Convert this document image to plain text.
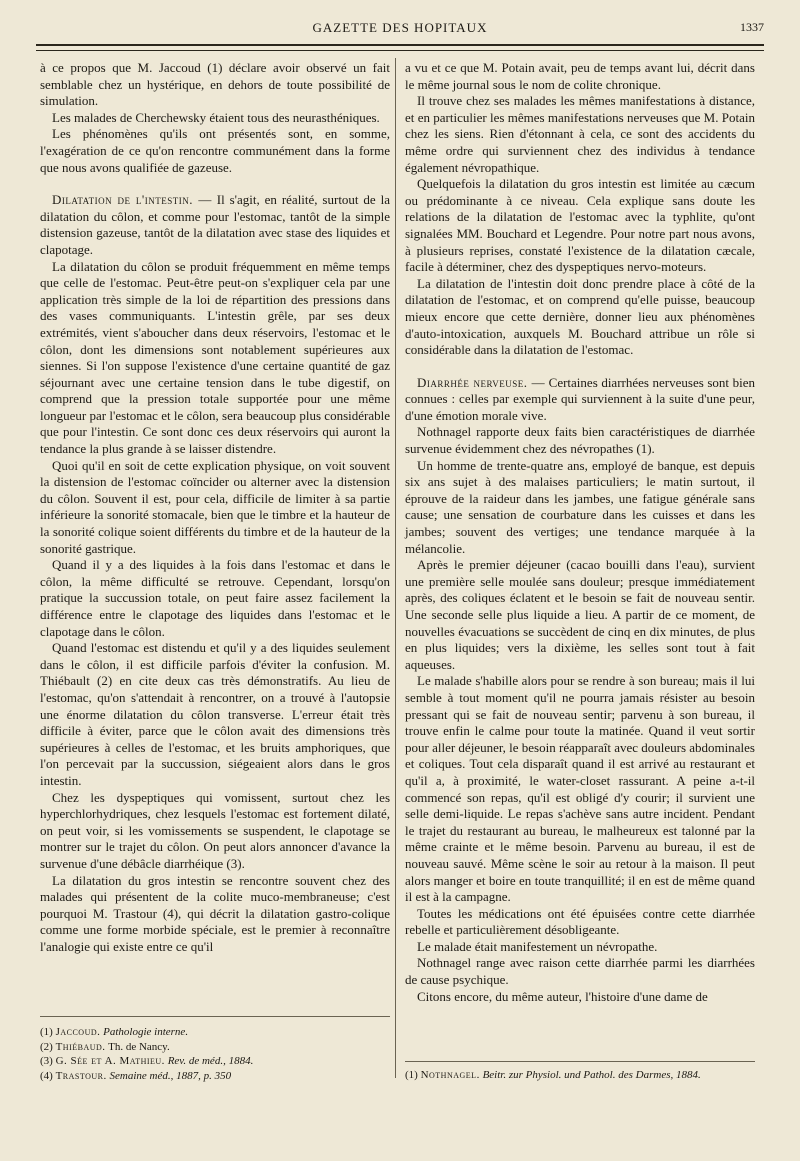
GAZETTE DES HOPITAUX	1337

à ce propos que M. Jaccoud (1) déclare avoir observé un fait semblable chez un hystérique, en dehors de toute possibilité de simulation.

Les malades de Cherchewsky étaient tous des neurasthéniques.

Les phénomènes qu'ils ont présentés sont, en somme, l'exagération de ce qu'on rencontre communément dans la forme que nous avons qualifiée de gazeuse.

Dilatation de l'intestin. — Il s'agit, en réalité, surtout de la dilatation du côlon, et comme pour l'estomac, tantôt de la simple distension gazeuse, tantôt de la dilatation avec stase des liquides et clapotage.

La dilatation du côlon se produit fréquemment en même temps que celle de l'estomac. Peut-être peut-on s'expliquer cela par une application très simple de la loi de répartition des pressions dans des vases communiquants. L'intestin grêle, par ses deux extrémités, vient s'aboucher dans deux réservoirs, l'estomac et le côlon, dont les dimensions sont notablement supérieures aux siennes. Si l'on suppose l'existence d'une certaine quantité de gaz séjournant avec une certaine tension dans le tube digestif, on comprend que la pression totale supportée pour une même longueur par l'estomac et le côlon, sera beaucoup plus considérable que pour l'intestin. Ce sont donc ces deux réservoirs qui auront la tendance la plus grande à se laisser distendre.

Quoi qu'il en soit de cette explication physique, on voit souvent la distension de l'estomac coïncider ou alterner avec la distension du côlon. Souvent il est, pour cela, difficile de limiter à sa partie inférieure la sonorité stomacale, bien que le timbre et la hauteur de la sonorité colique soient différents du timbre et de la hauteur de la sonorité gastrique.

Quand il y a des liquides à la fois dans l'estomac et dans le côlon, la même difficulté se retrouve. Cependant, lorsqu'on pratique la succussion totale, on peut faire assez facilement la différence entre le clapotage des liquides dans l'estomac et le clapotage dans le côlon.

Quand l'estomac est distendu et qu'il y a des liquides seulement dans le côlon, il est difficile parfois d'éviter la confusion. M. Thiébault (2) en cite deux cas très démonstratifs. Au lieu de l'estomac, qu'on s'attendait à rencontrer, on a trouvé à l'autopsie une énorme dilatation du côlon transverse. L'erreur était très difficile à éviter, parce que le côlon avait des dimensions très supérieures à celles de l'estomac, et les bruits amphoriques, que l'on percevait par la succussion, siégeaient alors dans le gros intestin.

Chez les dyspeptiques qui vomissent, surtout chez les hyperchlorhydriques, chez lesquels l'estomac est fortement dilaté, on peut voir, si les vomissements se suspendent, le clapotage se montrer sur le trajet du côlon. On peut alors annoncer d'avance la survenue d'une débâcle diarrhéique (3).

La dilatation du gros intestin se rencontre souvent chez des malades qui présentent de la colite muco-membraneuse; c'est pourquoi M. Trastour (4), qui décrit la dilatation gastro-colique comme une forme morbide spéciale, est le premier à reconnaître l'analogie qui existe entre ce qu'il

a vu et ce que M. Potain avait, peu de temps avant lui, décrit dans le même journal sous le nom de colite chronique.

Il trouve chez ses malades les mêmes manifestations à distance, et en particulier les mêmes manifestations nerveuses que M. Potain chez les siens. Rien d'étonnant à cela, ce sont des accidents du même ordre qui surviennent chez des individus à tendance également névropathique.

Quelquefois la dilatation du gros intestin est limitée au cæcum ou prédominante à ce niveau. Cela explique sans doute les relations de la dilatation de l'estomac avec la typhlite, qu'ont signalées MM. Bouchard et Legendre. Pour notre part nous avons, à plusieurs reprises, constaté l'existence de la dilatation cæcale, facile à déterminer, chez des dyspeptiques nervo-moteurs.

La dilatation de l'intestin doit donc prendre place à côté de la dilatation de l'estomac, et on comprend qu'elle puisse, beaucoup mieux encore que cette dernière, donner lieu aux phénomènes d'auto-intoxication, auxquels M. Bouchard attribue un rôle si considérable dans la dilatation de l'estomac.

Diarrhée nerveuse. — Certaines diarrhées nerveuses sont bien connues : celles par exemple qui surviennent à la suite d'une peur, d'une émotion morale vive.

Nothnagel rapporte deux faits bien caractéristiques de diarrhée survenue évidemment chez des névropathes (1).

Un homme de trente-quatre ans, employé de banque, est depuis six ans sujet à des malaises particuliers; le matin surtout, il éprouve de la raideur dans les jambes, une fatigue générale sans cause; une sensation de courbature dans les cuisses et dans les jambes; souvent des vertiges; une tendance marquée à la mélancolie.

Après le premier déjeuner (cacao bouilli dans l'eau), survient une première selle moulée sans douleur; presque immédiatement après, des coliques éclatent et le besoin se fait de nouveau sentir. Une seconde selle plus liquide a lieu. A partir de ce moment, de nouvelles évacuations se succèdent de cinq en dix minutes, de plus en plus liquides; vers la dixième, les selles sont tout à fait aqueuses.

Le malade s'habille alors pour se rendre à son bureau; mais il lui semble à tout moment qu'il ne pourra jamais résister au besoin pressant qui se fait de nouveau sentir; parvenu à son bureau, il trouve enfin le calme pour toute la matinée. Quand il veut sortir pour aller déjeuner, le besoin réapparaît avec douleurs abdominales et coliques. Tout cela disparaît quand il est arrivé au restaurant et qu'il a, à proximité, le water-closet rassurant. A peine a-t-il commencé son repas, qu'il est obligé d'y courir; il survient une selle demi-liquide. Le repas s'achève sans autre incident. Pendant le trajet du restaurant au bureau, le malheureux est talonné par la même crainte et le même besoin. Parvenu au bureau, il est de nouveau sauvé. Même scène le soir au retour à la maison. Il peut alors manger et boire en toute tranquillité; il en est de même quand il est à la campagne.

Toutes les médications ont été épuisées contre cette diarrhée rebelle et particulièrement désobligeante.

Le malade était manifestement un névropathe.

Nothnagel range avec raison cette diarrhée parmi les diarrhées de cause psychique.

Citons encore, du même auteur, l'histoire d'une dame de

(1) Jaccoud. Pathologie interne.
(2) Thiébaud. Th. de Nancy.
(3) G. Sée et A. Mathieu. Rev. de méd., 1884.
(4) Trastour. Semaine méd., 1887, p. 350	(1) Nothnagel. Beitr. zur Physiol. und Pathol. des Darmes, 1884.
